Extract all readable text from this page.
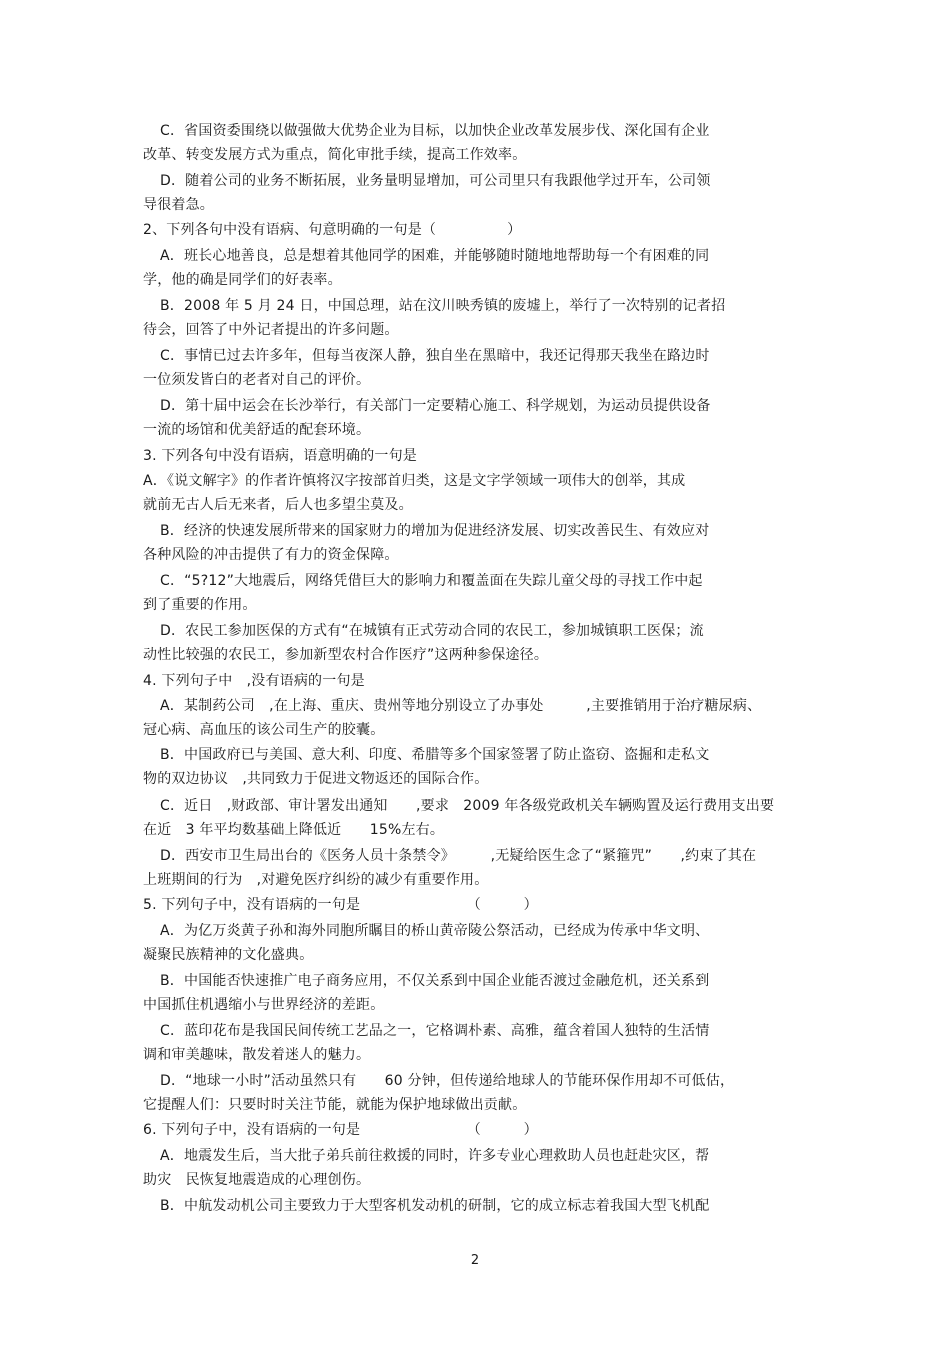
C．省国资委围绕以做强做大优势企业为目标，以加快企业改革发展步伐、深化国有企业
改革、转变发展方式为重点，简化审批手续，提高工作效率。
D．随着公司的业务不断拓展，业务量明显增加，可公司里只有我跟他学过开车，公司领
导很着急。
2、下列各句中没有语病、句意明确的一句是（　　　　　）
A．班长心地善良，总是想着其他同学的困难，并能够随时随地地帮助每一个有困难的同
学，他的确是同学们的好表率。
B．2008 年 5 月 24 日，中国总理，站在汶川映秀镇的废墟上，举行了一次特别的记者招
待会，回答了中外记者提出的许多问题。
C．事情已过去许多年，但每当夜深人静，独自坐在黑暗中，我还记得那天我坐在路边时
一位须发皆白的老者对自己的评价。
D．第十届中运会在长沙举行，有关部门一定要精心施工、科学规划，为运动员提供设备
一流的场馆和优美舒适的配套环境。
3. 下列各句中没有语病，语意明确的一句是
A．《说文解字》的作者许慎将汉字按部首归类，这是文字学领域一项伟大的创举，其成
就前无古人后无来者，后人也多望尘莫及。
B．经济的快速发展所带来的国家财力的增加为促进经济发展、切实改善民生、有效应对
各种风险的冲击提供了有力的资金保障。
C．“5?12”大地震后，网络凭借巨大的影响力和覆盖面在失踪儿童父母的寻找工作中起
到了重要的作用。
D．农民工参加医保的方式有“在城镇有正式劳动合同的农民工，参加城镇职工医保；流
动性比较强的农民工，参加新型农村合作医疗”这两种参保途径。
4. 下列句子中　,没有语病的一句是
A．某制药公司　,在上海、重庆、贵州等地分别设立了办事处　　　,主要推销用于治疗糖尿病、
冠心病、高血压的该公司生产的胶囊。
B．中国政府已与美国、意大利、印度、希腊等多个国家签署了防止盗窃、盗掘和走私文
物的双边协议　,共同致力于促进文物返还的国际合作。
C．近日　,财政部、审计署发出通知　　,要求　2009 年各级党政机关车辆购置及运行费用支出要
在近　3 年平均数基础上降低近　　15%左右。
D．西安市卫生局出台的《医务人员十条禁令》　　　,无疑给医生念了“紧箍咒”　　,约束了其在
上班期间的行为　,对避免医疗纠纷的减少有重要作用。
5. 下列句子中，没有语病的一句是　　　　　　　　（　　　）
A．为亿万炎黄子孙和海外同胞所瞩目的桥山黄帝陵公祭活动，已经成为传承中华文明、
凝聚民族精神的文化盛典。
B．中国能否快速推广电子商务应用，不仅关系到中国企业能否渡过金融危机，还关系到
中国抓住机遇缩小与世界经济的差距。
C．蓝印花布是我国民间传统工艺品之一，它格调朴素、高雅，蕴含着国人独特的生活情
调和审美趣味，散发着迷人的魅力。
D．“地球一小时”活动虽然只有　　60 分钟，但传递给地球人的节能环保作用却不可低估，
它提醒人们：只要时时关注节能，就能为保护地球做出贡献。
6. 下列句子中，没有语病的一句是　　　　　　　　（　　　）
A．地震发生后，当大批子弟兵前往救援的同时，许多专业心理救助人员也赶赴灾区，帮
助灾　民恢复地震造成的心理创伤。
B．中航发动机公司主要致力于大型客机发动机的研制，它的成立标志着我国大型飞机配
2
